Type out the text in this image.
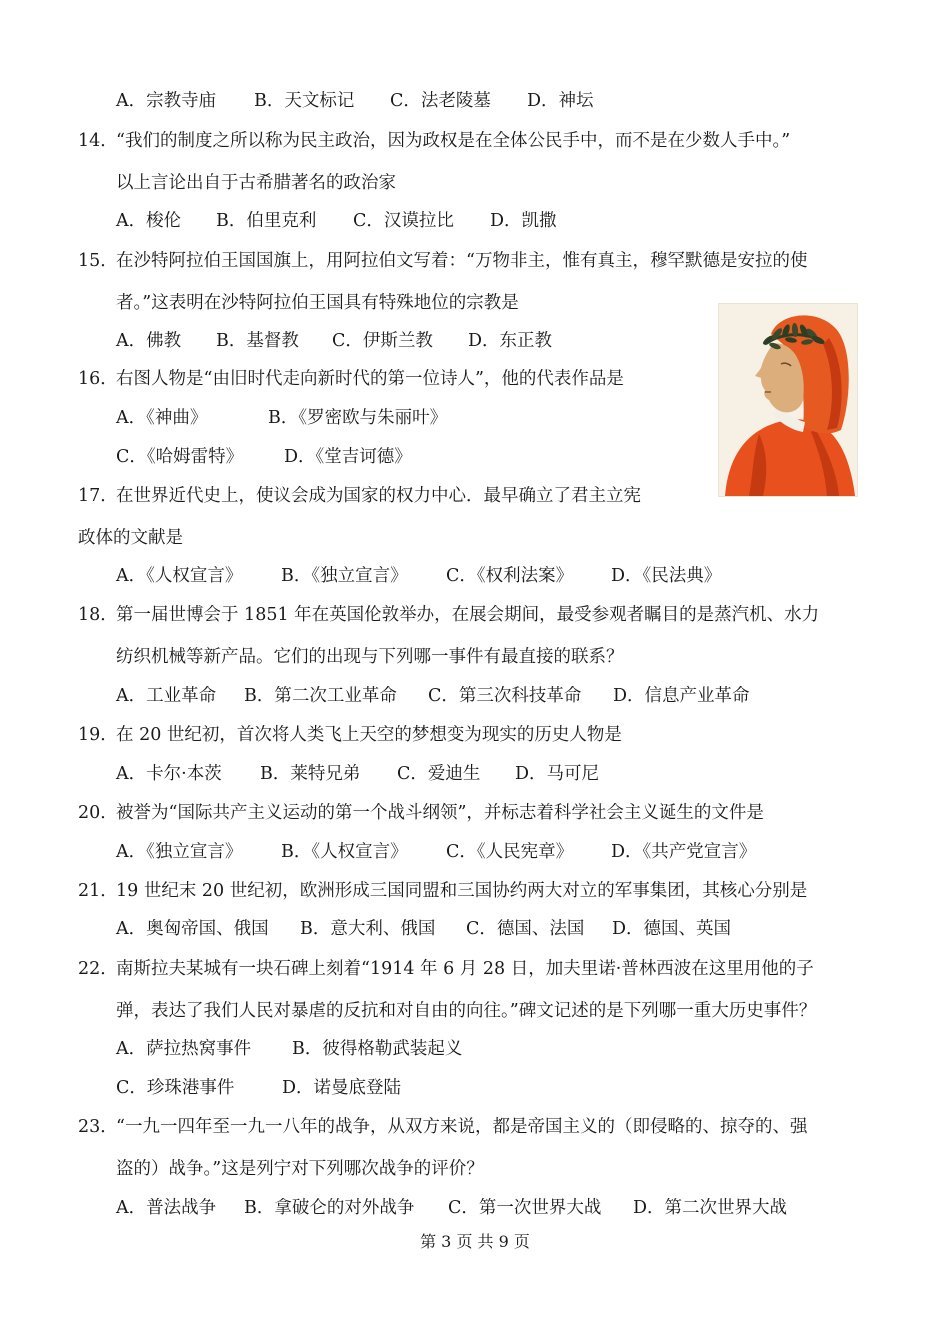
A．宗教寺庙 B．天文标记 C．法老陵墓 D．神坛
14．
“我们的制度之所以称为民主政治，因为政权是在全体公民手中，而不是在少数人手中。”
以上言论出自于古希腊著名的政治家
A．梭伦 B．伯里克利 C．汉谟拉比 D．凯撒
15．
在沙特阿拉伯王国国旗上，用阿拉伯文写着：“万物非主，惟有真主，穆罕默德是安拉的使
者。”这表明在沙特阿拉伯王国具有特殊地位的宗教是
A．佛教 B．基督教 C．伊斯兰教 D．东正教
16．
右图人物是“由旧时代走向新时代的第一位诗人”，他的代表作品是
A．《神曲》	B．《罗密欧与朱丽叶》
C．《哈姆雷特》 D．《堂吉诃德》
17．
在世界近代史上，使议会成为国家的权力中心．最早确立了君主立宪
政体的文献是
A．《人权宣言》 B．《独立宣言》 C．《权利法案》 D．《民法典》
18．
第一届世博会于 1851 年在英国伦敦举办，在展会期间，最受参观者瞩目的是蒸汽机、水力
纺织机械等新产品。它们的出现与下列哪一事件有最直接的联系？
A．工业革命 B．第二次工业革命 C．第三次科技革命 D．信息产业革命
19．
在 20 世纪初，首次将人类飞上天空的梦想变为现实的历史人物是
A．卡尔·本茨 B．莱特兄弟 C．爱迪生 D．马可尼
20．
被誉为“国际共产主义运动的第一个战斗纲领”，并标志着科学社会主义诞生的文件是
A．《独立宣言》 B．《人权宣言》 C．《人民宪章》 D．《共产党宣言》
21．
19 世纪末 20 世纪初，欧洲形成三国同盟和三国协约两大对立的军事集团，其核心分别是
A．奥匈帝国、俄国 B．意大利、俄国 C．德国、法国 D．德国、英国
22．
南斯拉夫某城有一块石碑上刻着“1914 年 6 月 28 日，加夫里诺·普林西波在这里用他的子
弹，表达了我们人民对暴虐的反抗和对自由的向往。”碑文记述的是下列哪一重大历史事件？
A．萨拉热窝事件 B．彼得格勒武装起义
C．珍珠港事件	D．诺曼底登陆
23．
“一九一四年至一九一八年的战争，从双方来说，都是帝国主义的（即侵略的、掠夺的、强
盗的）战争。”这是列宁对下列哪次战争的评价？
A．普法战争 B．拿破仑的对外战争 C．第一次世界大战 D．第二次世界大战
第 3 页 共 9 页
